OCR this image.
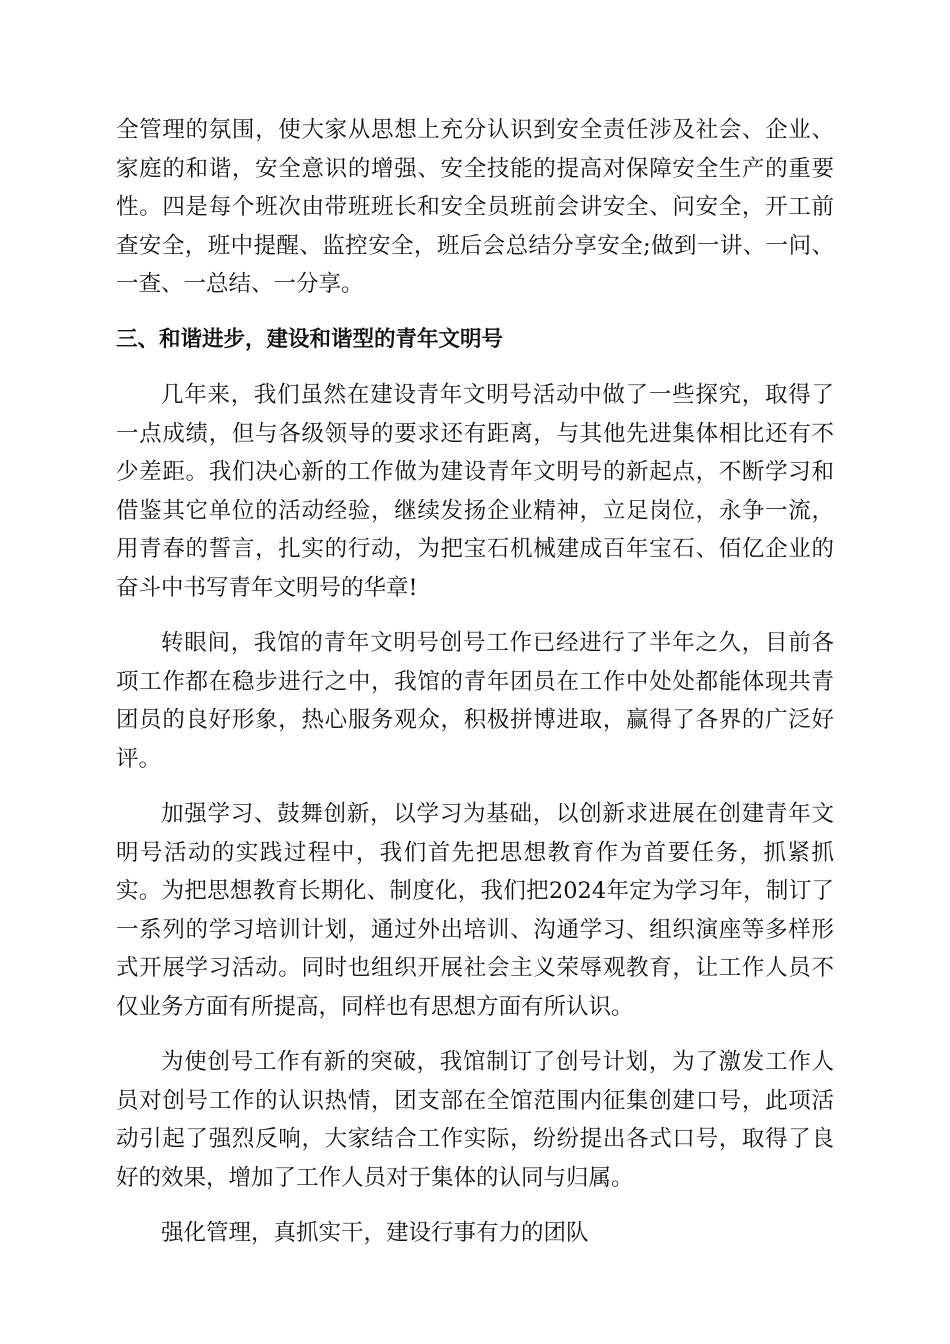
全管理的氛围，使大家从思想上充分认识到安全责任涉及社会、企业、家庭的和谐，安全意识的增强、安全技能的提高对保障安全生产的重要性。四是每个班次由带班班长和安全员班前会讲安全、问安全，开工前查安全，班中提醒、监控安全，班后会总结分享安全;做到一讲、一问、一查、一总结、一分享。

三、和谐进步，建设和谐型的青年文明号

几年来，我们虽然在建设青年文明号活动中做了一些探究，取得了一点成绩，但与各级领导的要求还有距离，与其他先进集体相比还有不少差距。我们决心新的工作做为建设青年文明号的新起点，不断学习和借鉴其它单位的活动经验，继续发扬企业精神，立足岗位，永争一流，用青春的誓言，扎实的行动，为把宝石机械建成百年宝石、佰亿企业的奋斗中书写青年文明号的华章!

转眼间，我馆的青年文明号创号工作已经进行了半年之久，目前各项工作都在稳步进行之中，我馆的青年团员在工作中处处都能体现共青团员的良好形象，热心服务观众，积极拼博进取，赢得了各界的广泛好评。

加强学习、鼓舞创新，以学习为基础，以创新求进展在创建青年文明号活动的实践过程中，我们首先把思想教育作为首要任务，抓紧抓实。为把思想教育长期化、制度化，我们把2024年定为学习年，制订了一系列的学习培训计划，通过外出培训、沟通学习、组织演座等多样形式开展学习活动。同时也组织开展社会主义荣辱观教育，让工作人员不仅业务方面有所提高，同样也有思想方面有所认识。

为使创号工作有新的突破，我馆制订了创号计划，为了激发工作人员对创号工作的认识热情，团支部在全馆范围内征集创建口号，此项活动引起了强烈反响，大家结合工作实际，纷纷提出各式口号，取得了良好的效果，增加了工作人员对于集体的认同与归属。

强化管理，真抓实干，建设行事有力的团队
